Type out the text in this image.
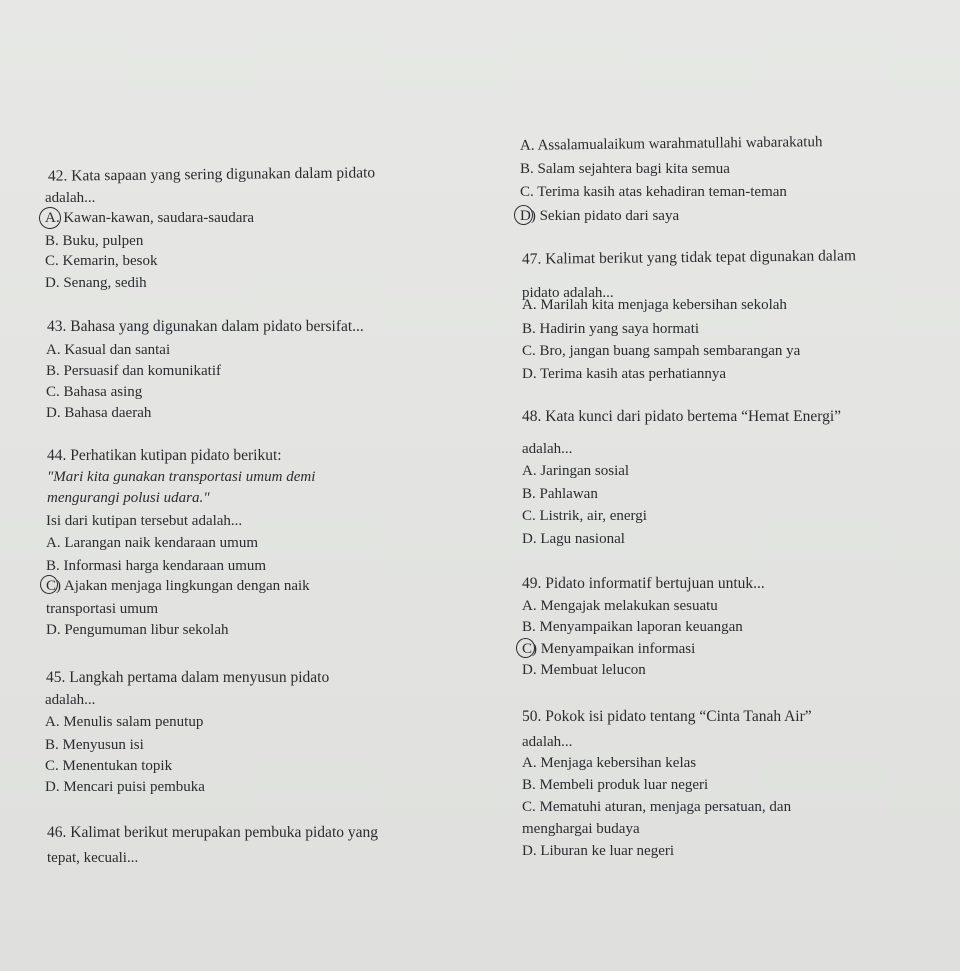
42. Kata sapaan yang sering digunakan dalam pidato
adalah...
A. Kawan-kawan, saudara-saudara
B. Buku, pulpen
C. Kemarin, besok
D. Senang, sedih
43. Bahasa yang digunakan dalam pidato bersifat...
A. Kasual dan santai
B. Persuasif dan komunikatif
C. Bahasa asing
D. Bahasa daerah
44. Perhatikan kutipan pidato berikut:
"Mari kita gunakan transportasi umum demi
mengurangi polusi udara."
Isi dari kutipan tersebut adalah...
A. Larangan naik kendaraan umum
B. Informasi harga kendaraan umum
C) Ajakan menjaga lingkungan dengan naik
transportasi umum
D. Pengumuman libur sekolah
45. Langkah pertama dalam menyusun pidato
adalah...
A. Menulis salam penutup
B. Menyusun isi
C. Menentukan topik
D. Mencari puisi pembuka
46. Kalimat berikut merupakan pembuka pidato yang
tepat, kecuali...
A. Assalamualaikum warahmatullahi wabarakatuh
B. Salam sejahtera bagi kita semua
C. Terima kasih atas kehadiran teman-teman
D) Sekian pidato dari saya
47. Kalimat berikut yang tidak tepat digunakan dalam
pidato adalah...
A. Marilah kita menjaga kebersihan sekolah
B. Hadirin yang saya hormati
C. Bro, jangan buang sampah sembarangan ya
D. Terima kasih atas perhatiannya
48. Kata kunci dari pidato bertema “Hemat Energi”
adalah...
A. Jaringan sosial
B. Pahlawan
C. Listrik, air, energi
D. Lagu nasional
49. Pidato informatif bertujuan untuk...
A. Mengajak melakukan sesuatu
B. Menyampaikan laporan keuangan
C) Menyampaikan informasi
D. Membuat lelucon
50. Pokok isi pidato tentang “Cinta Tanah Air”
adalah...
A. Menjaga kebersihan kelas
B. Membeli produk luar negeri
C. Mematuhi aturan, menjaga persatuan, dan
menghargai budaya
D. Liburan ke luar negeri
